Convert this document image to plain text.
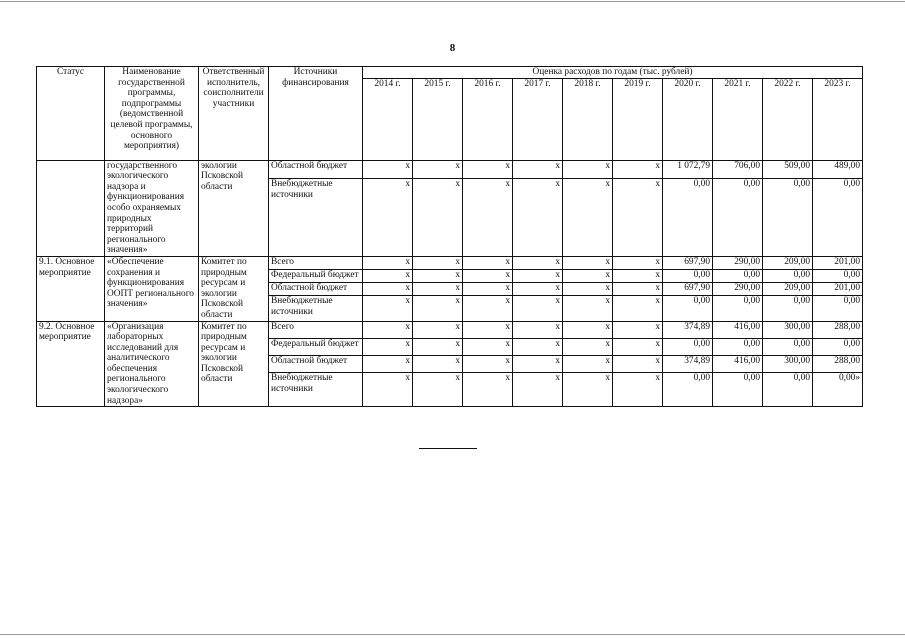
8
Статус	Наименование государственной программы, подпрограммы (ведомственной целевой программы, основного мероприятия)	Ответственный исполнитель, соисполнители участники	Источники финансирования	Оценка расходов по годам (тыс. рублей)									
				2014 г.	2015 г.	2016 г.	2017 г.	2018 г.	2019 г.	2020 г.	2021 г.	2022 г.	2023 г.
	государственного экологического надзора и функционирования особо охраняемых природных территорий регионального значения»	экологии Псковской области	Областной бюджет	x	x	x	x	x	x	1 072,79	706,00	509,00	489,00
			Внебюджетные источники	x	x	x	x	x	x	0,00	0,00	0,00	0,00
9.1. Основное мероприятие	«Обеспечение сохранения и функционирования ООПТ регионального значения»	Комитет по природным ресурсам и экологии Псковской области	Всего	x	x	x	x	x	x	697,90	290,00	209,00	201,00
			Федеральный бюджет	x	x	x	x	x	x	0,00	0,00	0,00	0,00
			Областной бюджет	x	x	x	x	x	x	697,90	290,00	209,00	201,00
			Внебюджетные источники	x	x	x	x	x	x	0,00	0,00	0,00	0,00
9.2. Основное мероприятие	«Организация лабораторных исследований для аналитического обеспечения регионального экологического надзора»	Комитет по природным ресурсам и экологии Псковской области	Всего	x	x	x	x	x	x	374,89	416,00	300,00	288,00
			Федеральный бюджет	x	x	x	x	x	x	0,00	0,00	0,00	0,00
			Областной бюджет	x	x	x	x	x	x	374,89	416,00	300,00	288,00
			Внебюджетные источники	x	x	x	x	x	x	0,00	0,00	0,00	0,00»
